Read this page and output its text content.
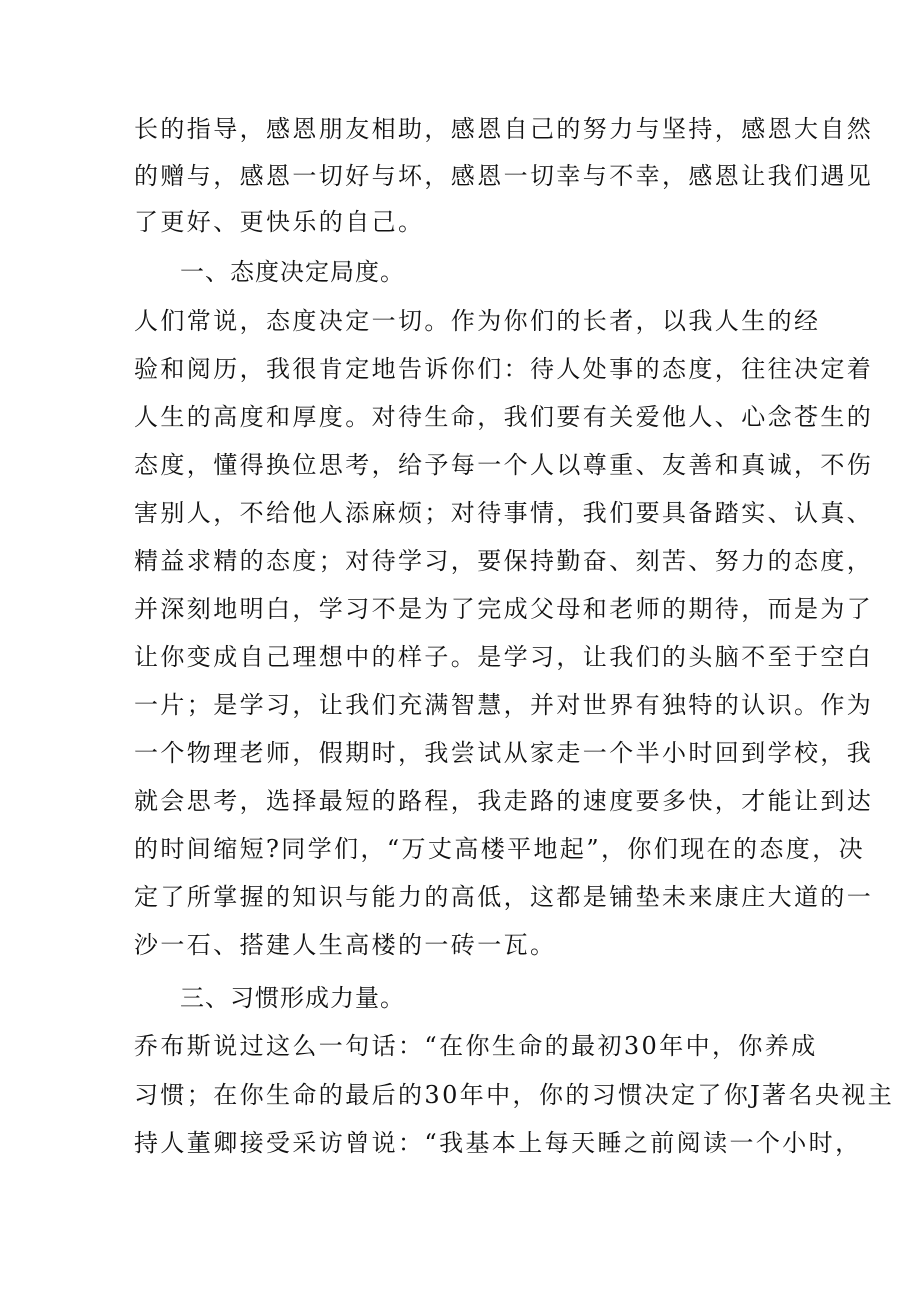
长的指导，感恩朋友相助，感恩自己的努力与坚持，感恩大自然
的赠与，感恩一切好与坏，感恩一切幸与不幸，感恩让我们遇见
了更好、更快乐的自己。
一、态度决定局度。
人们常说，态度决定一切。作为你们的长者，以我人生的经
验和阅历，我很肯定地告诉你们：待人处事的态度，往往决定着
人生的高度和厚度。对待生命，我们要有关爱他人、心念苍生的
态度，懂得换位思考，给予每一个人以尊重、友善和真诚，不伤
害别人，不给他人添麻烦；对待事情，我们要具备踏实、认真、
精益求精的态度；对待学习，要保持勤奋、刻苦、努力的态度，
并深刻地明白，学习不是为了完成父母和老师的期待，而是为了
让你变成自己理想中的样子。是学习，让我们的头脑不至于空白
一片；是学习，让我们充满智慧，并对世界有独特的认识。作为
一个物理老师，假期时，我尝试从家走一个半小时回到学校，我
就会思考，选择最短的路程，我走路的速度要多快，才能让到达
的时间缩短?同学们，“万丈高楼平地起”，你们现在的态度，决
定了所掌握的知识与能力的高低，这都是铺垫未来康庄大道的一
沙一石、搭建人生高楼的一砖一瓦。
三、习惯形成力量。
乔布斯说过这么一句话：“在你生命的最初30年中，你养成
习惯；在你生命的最后的30年中，你的习惯决定了你J著名央视主
持人董卿接受采访曾说：“我基本上每天睡之前阅读一个小时，
